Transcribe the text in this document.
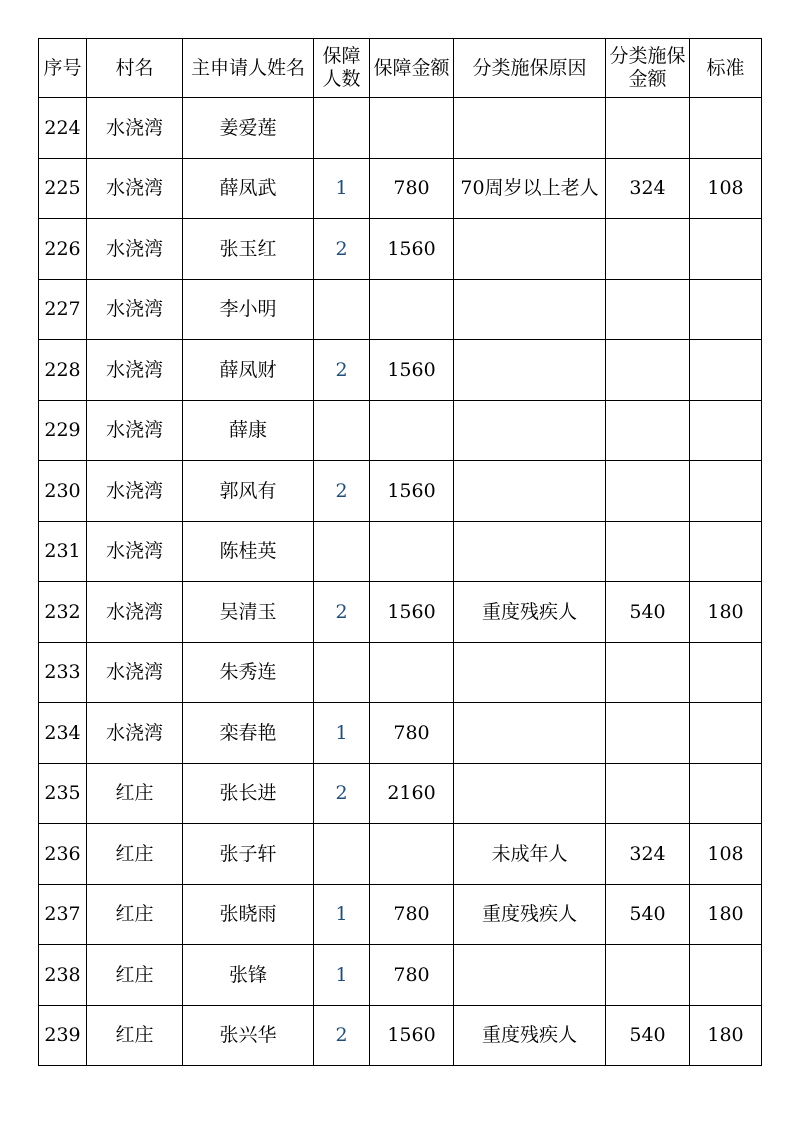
序号	村名	主申请人姓名	保障人数	保障金额	分类施保原因	分类施保金额	标准
224	水浇湾	姜爱莲					
225	水浇湾	薛凤武	1	780	70周岁以上老人	324	108
226	水浇湾	张玉红	2	1560			
227	水浇湾	李小明					
228	水浇湾	薛凤财	2	1560			
229	水浇湾	薛康					
230	水浇湾	郭风有	2	1560			
231	水浇湾	陈桂英					
232	水浇湾	吴清玉	2	1560	重度残疾人	540	180
233	水浇湾	朱秀连					
234	水浇湾	栾春艳	1	780			
235	红庄	张长进	2	2160			
236	红庄	张子轩			未成年人	324	108
237	红庄	张晓雨	1	780	重度残疾人	540	180
238	红庄	张锋	1	780			
239	红庄	张兴华	2	1560	重度残疾人	540	180
